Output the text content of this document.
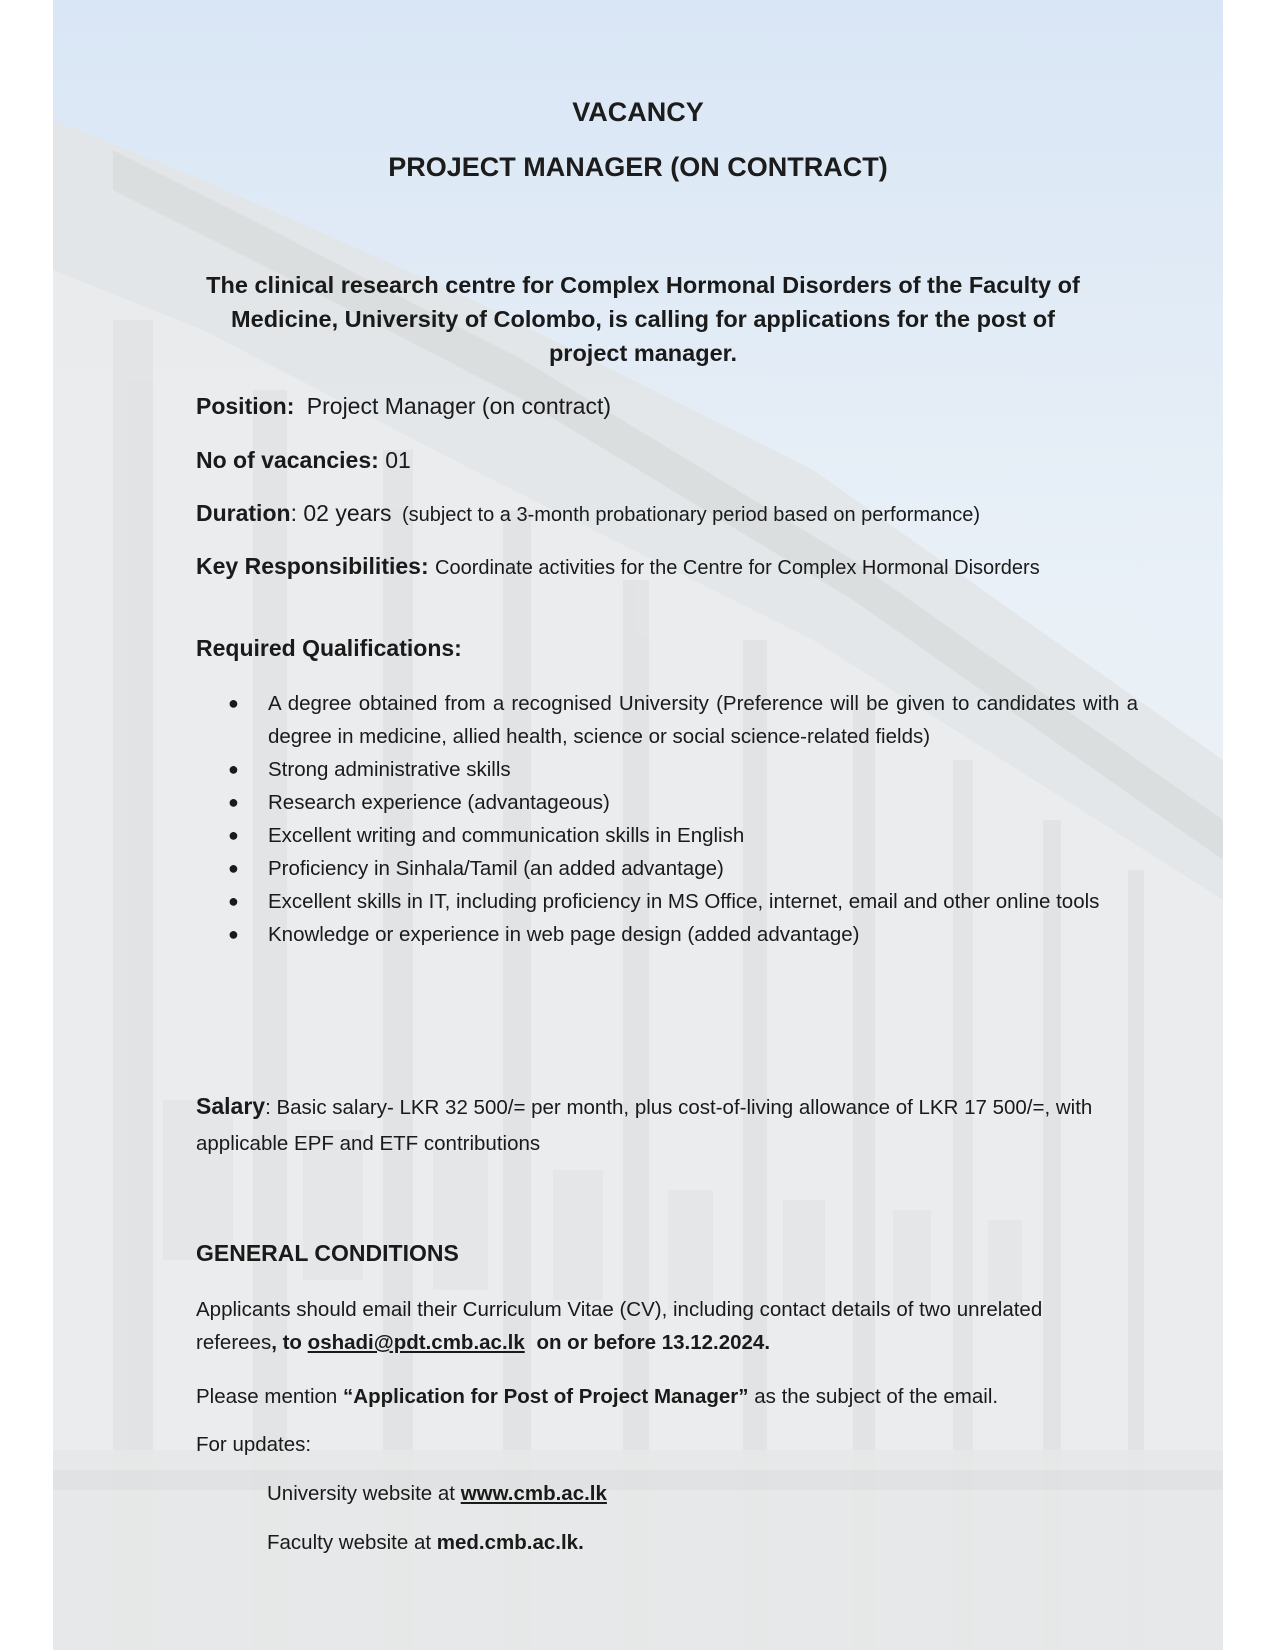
VACANCY
PROJECT MANAGER (ON CONTRACT)
The clinical research centre for Complex Hormonal Disorders of the Faculty of Medicine, University of Colombo, is calling for applications for the post of project manager.
Position: Project Manager (on contract)
No of vacancies: 01
Duration: 02 years (subject to a 3-month probationary period based on performance)
Key Responsibilities: Coordinate activities for the Centre for Complex Hormonal Disorders
Required Qualifications:
● A degree obtained from a recognised University (Preference will be given to candidates with a degree in medicine, allied health, science or social science-related fields)
● Strong administrative skills
● Research experience (advantageous)
● Excellent writing and communication skills in English
● Proficiency in Sinhala/Tamil (an added advantage)
● Excellent skills in IT, including proficiency in MS Office, internet, email and other online tools
● Knowledge or experience in web page design (added advantage)
Salary: Basic salary- LKR 32 500/= per month, plus cost-of-living allowance of LKR 17 500/=, with applicable EPF and ETF contributions
GENERAL CONDITIONS
Applicants should email their Curriculum Vitae (CV), including contact details of two unrelated referees, to oshadi@pdt.cmb.ac.lk on or before 13.12.2024.
Please mention “Application for Post of Project Manager” as the subject of the email.
For updates:
University website at www.cmb.ac.lk
Faculty website at med.cmb.ac.lk.
